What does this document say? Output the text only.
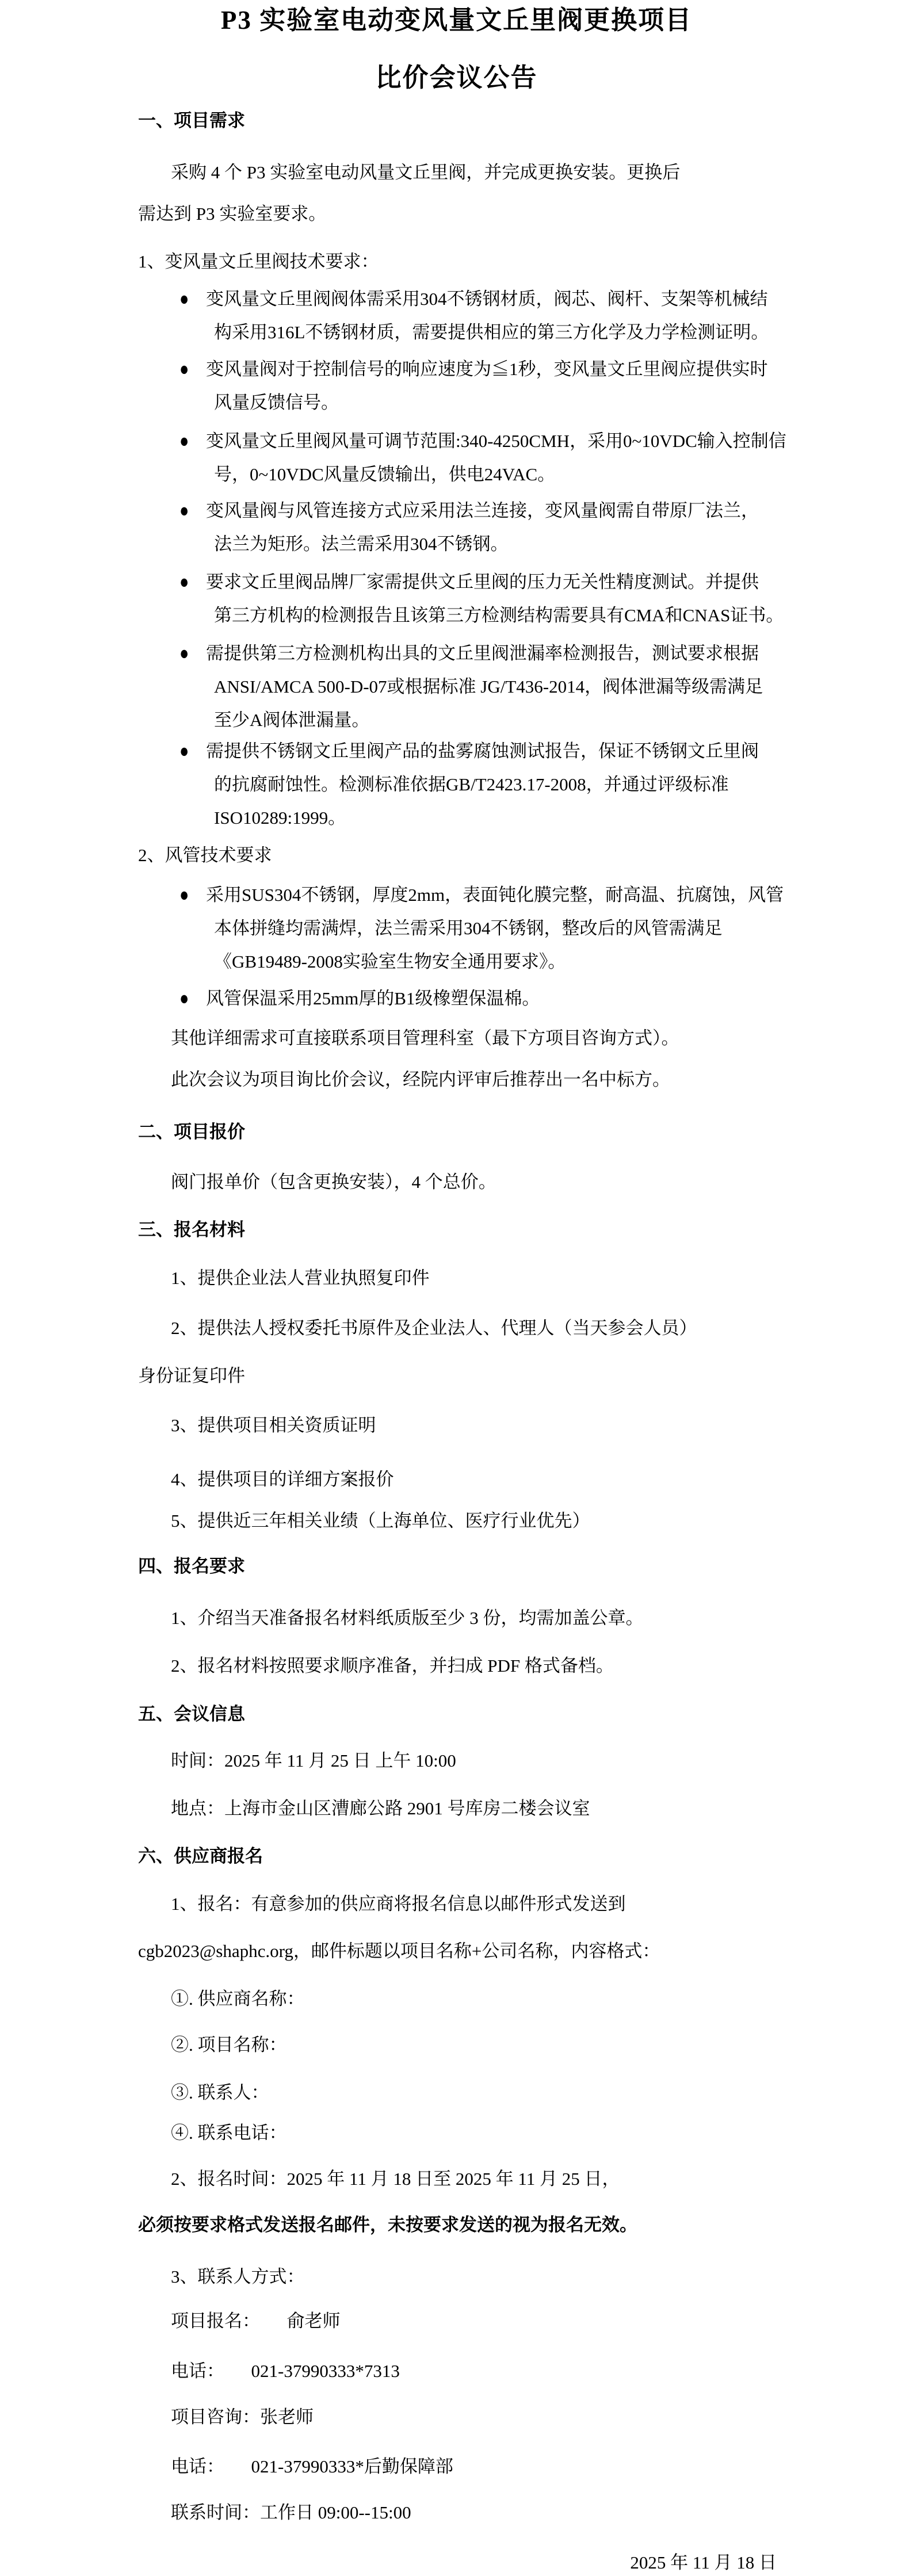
P3 实验室电动变风量文丘里阀更换项目
比价会议公告
一、项目需求
采购 4 个 P3 实验室电动风量文丘里阀，并完成更换安装。更换后
需达到 P3 实验室要求。
1、变风量文丘里阀技术要求：
● 变风量文丘里阀阀体需采用304不锈钢材质，阀芯、阀杆、支架等机械结
构采用316L不锈钢材质，需要提供相应的第三方化学及力学检测证明。
● 变风量阀对于控制信号的响应速度为≦1秒，变风量文丘里阀应提供实时
风量反馈信号。
● 变风量文丘里阀风量可调节范围:340-4250CMH，采用0~10VDC输入控制信
号，0~10VDC风量反馈输出，供电24VAC。
● 变风量阀与风管连接方式应采用法兰连接，变风量阀需自带原厂法兰，
法兰为矩形。法兰需采用304不锈钢。
● 要求文丘里阀品牌厂家需提供文丘里阀的压力无关性精度测试。并提供
第三方机构的检测报告且该第三方检测结构需要具有CMA和CNAS证书。
● 需提供第三方检测机构出具的文丘里阀泄漏率检测报告，测试要求根据
ANSI/AMCA 500-D-07或根据标准 JG/T436-2014，阀体泄漏等级需满足
至少A阀体泄漏量。
● 需提供不锈钢文丘里阀产品的盐雾腐蚀测试报告，保证不锈钢文丘里阀
的抗腐耐蚀性。检测标准依据GB/T2423.17-2008，并通过评级标准
ISO10289:1999。
2、风管技术要求
● 采用SUS304不锈钢，厚度2mm，表面钝化膜完整，耐高温、抗腐蚀，风管
本体拼缝均需满焊，法兰需采用304不锈钢，整改后的风管需满足
《GB19489-2008实验室生物安全通用要求》。
● 风管保温采用25mm厚的B1级橡塑保温棉。
其他详细需求可直接联系项目管理科室（最下方项目咨询方式）。
此次会议为项目询比价会议，经院内评审后推荐出一名中标方。
二、项目报价
阀门报单价（包含更换安装），4 个总价。
三、报名材料
1、提供企业法人营业执照复印件
2、提供法人授权委托书原件及企业法人、代理人（当天参会人员）
身份证复印件
3、提供项目相关资质证明
4、提供项目的详细方案报价
5、提供近三年相关业绩（上海单位、医疗行业优先）
四、报名要求
1、介绍当天准备报名材料纸质版至少 3 份，均需加盖公章。
2、报名材料按照要求顺序准备，并扫成 PDF 格式备档。
五、会议信息
时间：2025 年 11 月 25 日 上午 10:00
地点：上海市金山区漕廊公路 2901 号库房二楼会议室
六、供应商报名
1、报名：有意参加的供应商将报名信息以邮件形式发送到
cgb2023@shaphc.org，邮件标题以项目名称+公司名称，内容格式：
①. 供应商名称：
②. 项目名称：
③. 联系人：
④. 联系电话：
2、报名时间：2025 年 11 月 18 日至 2025 年 11 月 25 日，
必须按要求格式发送报名邮件，未按要求发送的视为报名无效。
3、联系人方式：
项目报名：　　俞老师
电话：　　021-37990333*7313
项目咨询：张老师
电话：　　021-37990333*后勤保障部
联系时间：工作日 09:00--15:00
2025 年 11 月 18 日
